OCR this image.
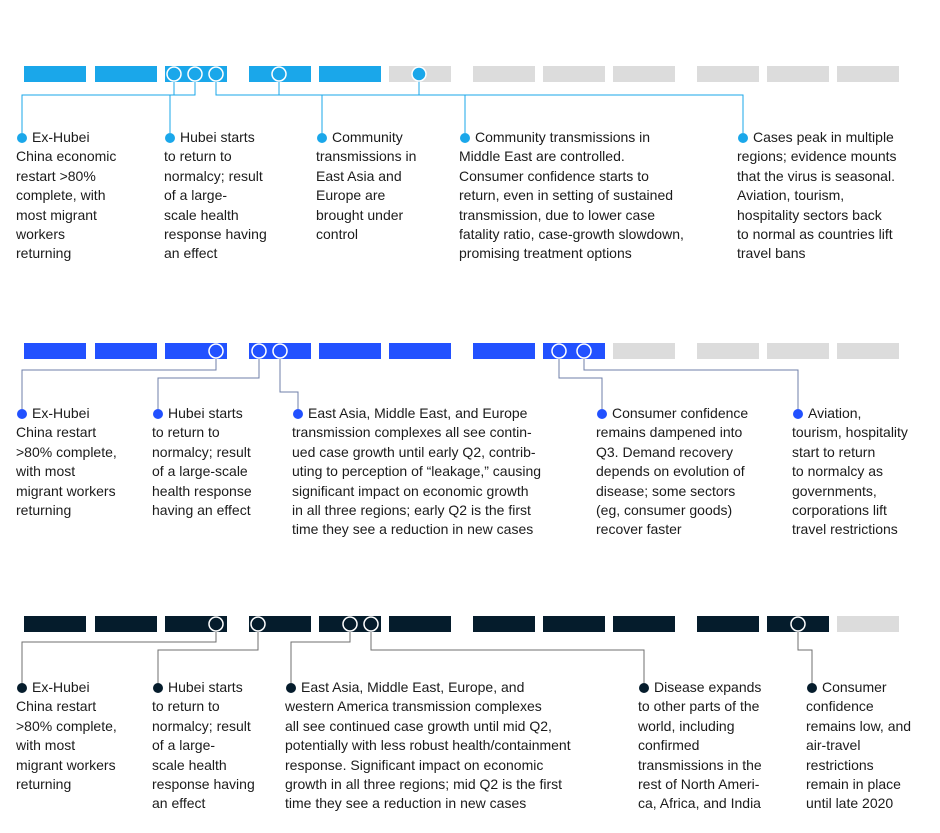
Ex-Hubei
China economic
restart >80%
complete, with
most migrant
workers
returning
Hubei starts
to return to
normalcy; result
of a large-
scale health
response having
an effect
Community
transmissions in
East Asia and
Europe are
brought under
control
Community transmissions in
Middle East are controlled.
Consumer confidence starts to
return, even in setting of sustained
transmission, due to lower case
fatality ratio, case-growth slowdown,
promising treatment options
Cases peak in multiple
regions; evidence mounts
that the virus is seasonal.
Aviation, tourism,
hospitality sectors back
to normal as countries lift
travel bans
Ex-Hubei
China restart
>80% complete,
with most
migrant workers
returning
Hubei starts
to return to
normalcy; result
of a large-scale
health response
having an effect
East Asia, Middle East, and Europe
transmission complexes all see contin-
ued case growth until early Q2, contrib-
uting to perception of “leakage,” causing
significant impact on economic growth
in all three regions; early Q2 is the first
time they see a reduction in new cases
Consumer confidence
remains dampened into
Q3. Demand recovery
depends on evolution of
disease; some sectors
(eg, consumer goods)
recover faster
Aviation,
tourism, hospitality
start to return
to normalcy as
governments,
corporations lift
travel restrictions
Ex-Hubei
China restart
>80% complete,
with most
migrant workers
returning
Hubei starts
to return to
normalcy; result
of a large-
scale health
response having
an effect
East Asia, Middle East, Europe, and
western America transmission complexes
all see continued case growth until mid Q2,
potentially with less robust health/containment
response. Significant impact on economic
growth in all three regions; mid Q2 is the first
time they see a reduction in new cases
Disease expands
to other parts of the
world, including
confirmed
transmissions in the
rest of North Ameri-
ca, Africa, and India
Consumer
confidence
remains low, and
air-travel
restrictions
remain in place
until late 2020
